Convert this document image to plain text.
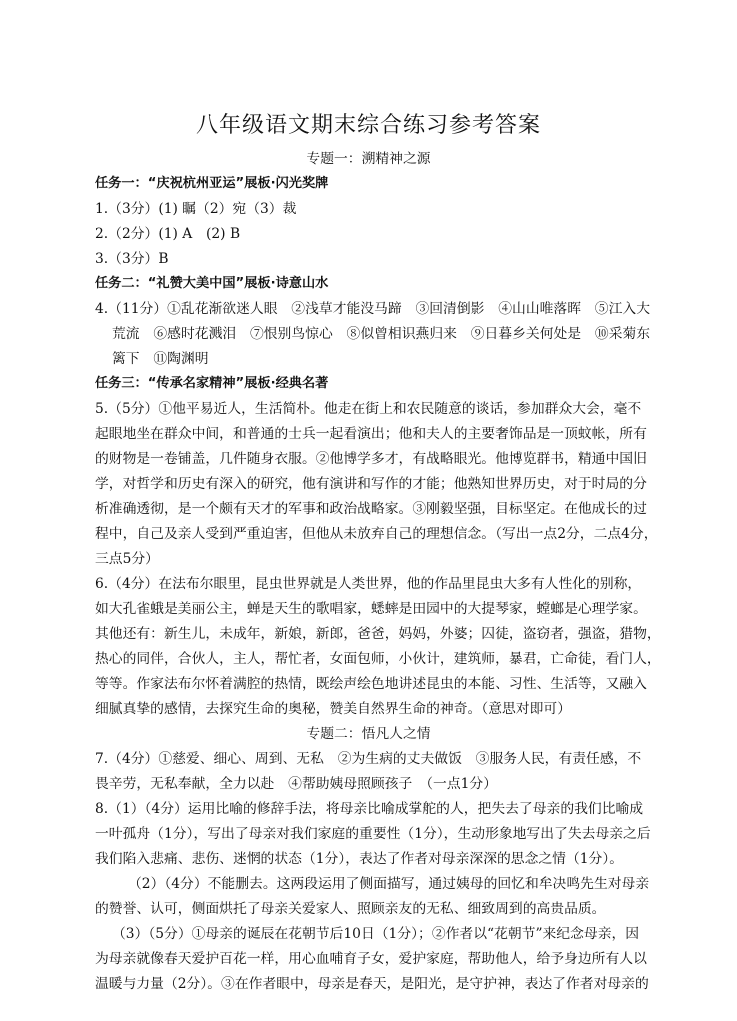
八年级语文期末综合练习参考答案
专题一：溯精神之源
任务一：“庆祝杭州亚运”展板·闪光奖牌
1.（3分）(1) 瞩（2）宛（3）裁
2.（2分）(1) A　(2) B
3.（3分）B
任务二：“礼赞大美中国”展板·诗意山水
4.（11分）①乱花渐欲迷人眼　②浅草才能没马蹄　③回清倒影　④山山唯落晖　⑤江入大
荒流　⑥感时花溅泪　⑦恨别鸟惊心　⑧似曾相识燕归来　⑨日暮乡关何处是　⑩采菊东
篱下　⑪陶渊明
任务三：“传承名家精神”展板·经典名著
5.（5分）①他平易近人，生活简朴。他走在街上和农民随意的谈话，参加群众大会，毫不
起眼地坐在群众中间，和普通的士兵一起看演出；他和夫人的主要奢饰品是一顶蚊帐，所有
的财物是一卷铺盖，几件随身衣服。②他博学多才，有战略眼光。他博览群书，精通中国旧
学，对哲学和历史有深入的研究，他有演讲和写作的才能；他熟知世界历史，对于时局的分
析准确透彻，是一个颇有天才的军事和政治战略家。③刚毅坚强，目标坚定。在他成长的过
程中，自己及亲人受到严重迫害，但他从未放弃自己的理想信念。（写出一点2分，二点4分，
三点5分）
6.（4分）在法布尔眼里，昆虫世界就是人类世界，他的作品里昆虫大多有人性化的别称，
如大孔雀蛾是美丽公主，蝉是天生的歌唱家，蟋蟀是田园中的大提琴家，螳螂是心理学家。
其他还有：新生儿，未成年，新娘，新郎，爸爸，妈妈，外婆；囚徒，盗窃者，强盗，猎物，
热心的同伴，合伙人，主人，帮忙者，女面包师，小伙计，建筑师，暴君，亡命徒，看门人，
等等。作家法布尔怀着满腔的热情，既绘声绘色地讲述昆虫的本能、习性、生活等，又融入
细腻真挚的感情，去探究生命的奥秘，赞美自然界生命的神奇。（意思对即可）
专题二：悟凡人之情
7.（4分）①慈爱、细心、周到、无私　②为生病的丈夫做饭　③服务人民，有责任感，不
畏辛劳，无私奉献，全力以赴　④帮助姨母照顾孩子　（一点1分）
8.（1）（4分）运用比喻的修辞手法，将母亲比喻成掌舵的人，把失去了母亲的我们比喻成
一叶孤舟（1分），写出了母亲对我们家庭的重要性（1分），生动形象地写出了失去母亲之后
我们陷入悲痛、悲伤、迷惘的状态（1分），表达了作者对母亲深深的思念之情（1分）。
（2）（4分）不能删去。这两段运用了侧面描写，通过姨母的回忆和牟决鸣先生对母亲
的赞誉、认可，侧面烘托了母亲关爱家人、照顾亲友的无私、细致周到的高贵品质。
（3）（5分）①母亲的诞辰在花朝节后10日（1分）；②作者以“花朝节”来纪念母亲，因
为母亲就像春天爱护百花一样，用心血哺育子女，爱护家庭，帮助他人，给予身边所有人以
温暖与力量（2分）。③在作者眼中，母亲是春天，是阳光，是守护神，表达了作者对母亲的
